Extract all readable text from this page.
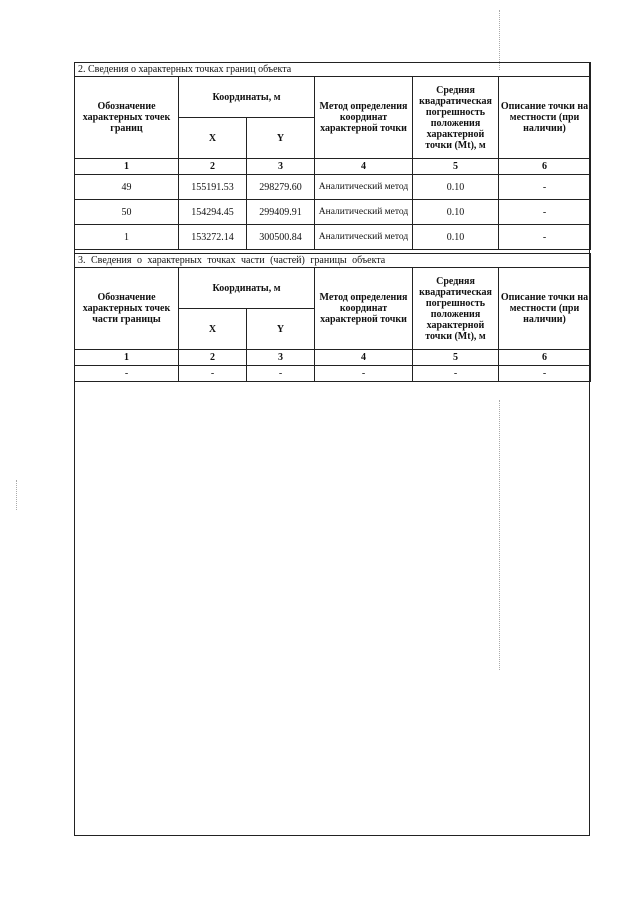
2. Сведения о характерных точках границ объекта					
Обозначение характерных точек границ	Координаты, м		Метод определения координат характерной точки	Средняя квадратическая погрешность положения характерной точки (Mt), м	Описание точки на местности (при наличии)
	X	Y			
1	2	3	4	5	6
49	155191.53	298279.60	Аналитический метод	0.10	-
50	154294.45	299409.91	Аналитический метод	0.10	-
1	153272.14	300500.84	Аналитический метод	0.10	-
3. Сведения о характерных точках части (частей) границы объекта					
Обозначение характерных точек части границы	Координаты, м		Метод определения координат характерной точки	Средняя квадратическая погрешность положения характерной точки (Mt), м	Описание точки на местности (при наличии)
	X	Y			
1	2	3	4	5	6
-	-	-	-	-	-
